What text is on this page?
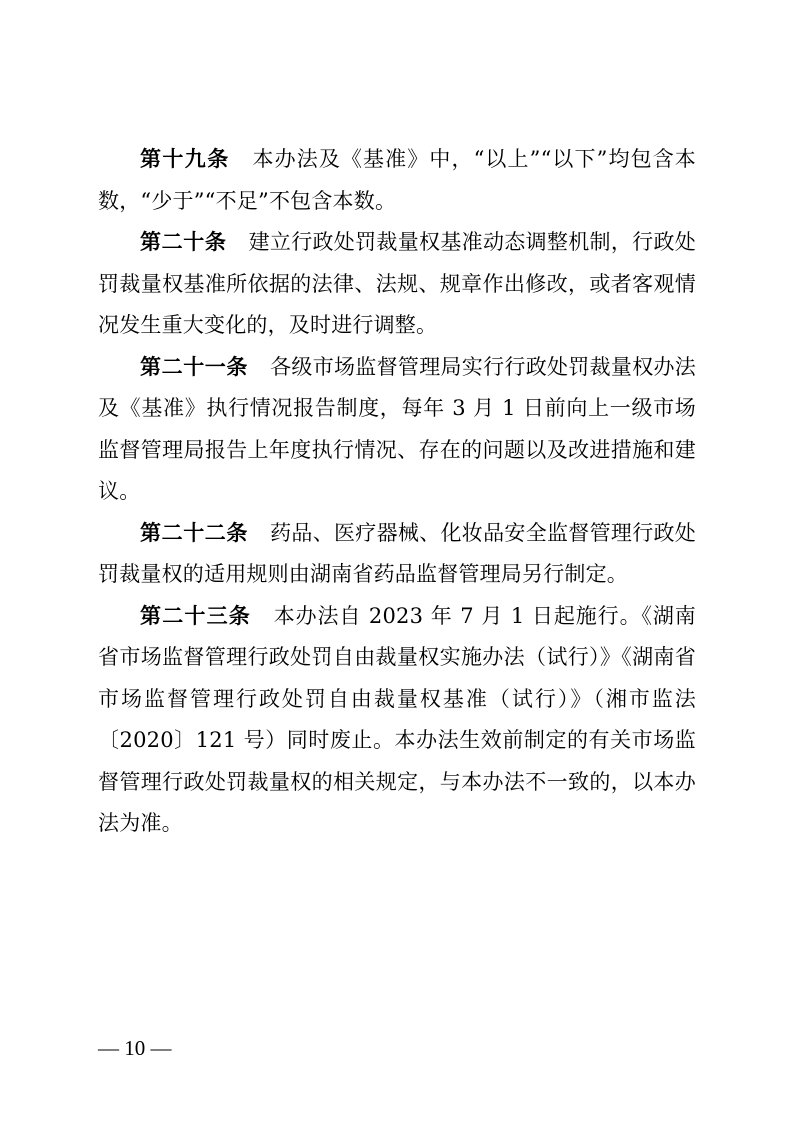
第十九条 本办法及《基准》中，“以上”“以下”均包含本数，“少于”“不足”不包含本数。

第二十条 建立行政处罚裁量权基准动态调整机制，行政处罚裁量权基准所依据的法律、法规、规章作出修改，或者客观情况发生重大变化的，及时进行调整。

第二十一条 各级市场监督管理局实行行政处罚裁量权办法及《基准》执行情况报告制度，每年 3 月 1 日前向上一级市场监督管理局报告上年度执行情况、存在的问题以及改进措施和建议。

第二十二条 药品、医疗器械、化妆品安全监督管理行政处罚裁量权的适用规则由湖南省药品监督管理局另行制定。

第二十三条 本办法自 2023 年 7 月 1 日起施行。《湖南省市场监督管理行政处罚自由裁量权实施办法（试行）》《湖南省市场监督管理行政处罚自由裁量权基准（试行）》（湘市监法〔2020〕121 号）同时废止。本办法生效前制定的有关市场监督管理行政处罚裁量权的相关规定，与本办法不一致的，以本办法为准。

— 10 —
